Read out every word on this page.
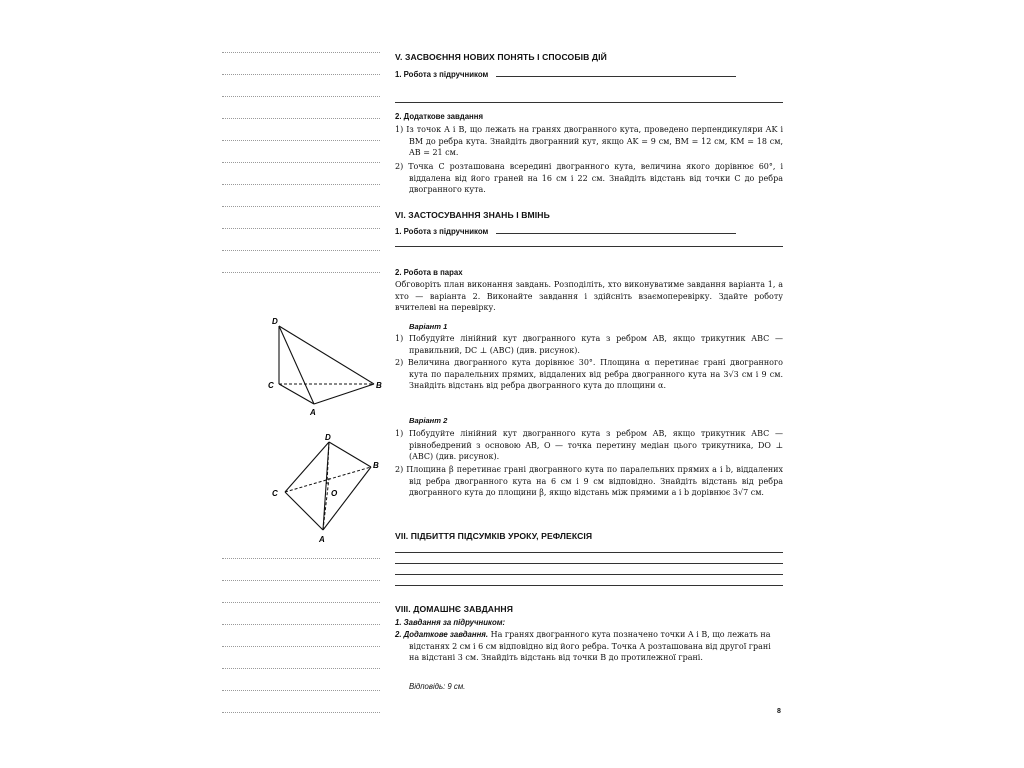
D
C
A
B
D
C	O
A
B
V. ЗАСВОЄННЯ НОВИХ ПОНЯТЬ І СПОСОБІВ ДІЙ
1. Робота з підручником
2. Додаткове завдання
1) Із точок A і B, що лежать на гранях двогранного кута, проведено перпендикуляри AK і BM до ребра кута. Знайдіть двогранний кут, якщо AK = 9 см, BM = 12 см, KM = 18 см, AB = 21 см.
2) Точка C розташована всередині двогранного кута, величина якого дорівнює 60°, і віддалена від його граней на 16 см і 22 см. Знайдіть відстань від точки C до ребра двогранного кута.
VI. ЗАСТОСУВАННЯ ЗНАНЬ І ВМІНЬ
1. Робота з підручником
2. Робота в парах
Обговоріть план виконання завдань. Розподіліть, хто виконуватиме завдання варіанта 1, а хто — варіанта 2. Виконайте завдання і здійсніть взаємоперевірку. Здайте роботу вчителеві на перевірку.
Варіант 1
1) Побудуйте лінійний кут двогранного кута з ребром AB, якщо трикутник ABC — правильний, DC ⊥ (ABC) (див. рисунок).
2) Величина двогранного кута дорівнює 30°. Площина α перетинає грані двогранного кута по паралельних прямих, віддалених від ребра двогранного кута на 3√3 см і 9 см. Знайдіть відстань від ребра двогранного кута до площини α.
Варіант 2
1) Побудуйте лінійний кут двогранного кута з ребром AB, якщо трикутник ABC — рівнобедрений з основою AB, O — точка перетину медіан цього трикутника, DO ⊥ (ABC) (див. рисунок).
2) Площина β перетинає грані двогранного кута по паралельних прямих a і b, віддалених від ребра двогранного кута на 6 см і 9 см відповідно. Знайдіть відстань від ребра двогранного кута до площини β, якщо відстань між прямими a і b дорівнює 3√7 см.
VII. ПІДБИТТЯ ПІДСУМКІВ УРОКУ, РЕФЛЕКСІЯ
VIII. ДОМАШНЄ ЗАВДАННЯ
1. Завдання за підручником:
2. Додаткове завдання. На гранях двогранного кута позначено точки A і B, що лежать на відстанях 2 см і 6 см відповідно від його ребра. Точка A розташована від другої грані на відстані 3 см. Знайдіть відстань від точки B до протилежної грані.
Відповідь: 9 см.
8
